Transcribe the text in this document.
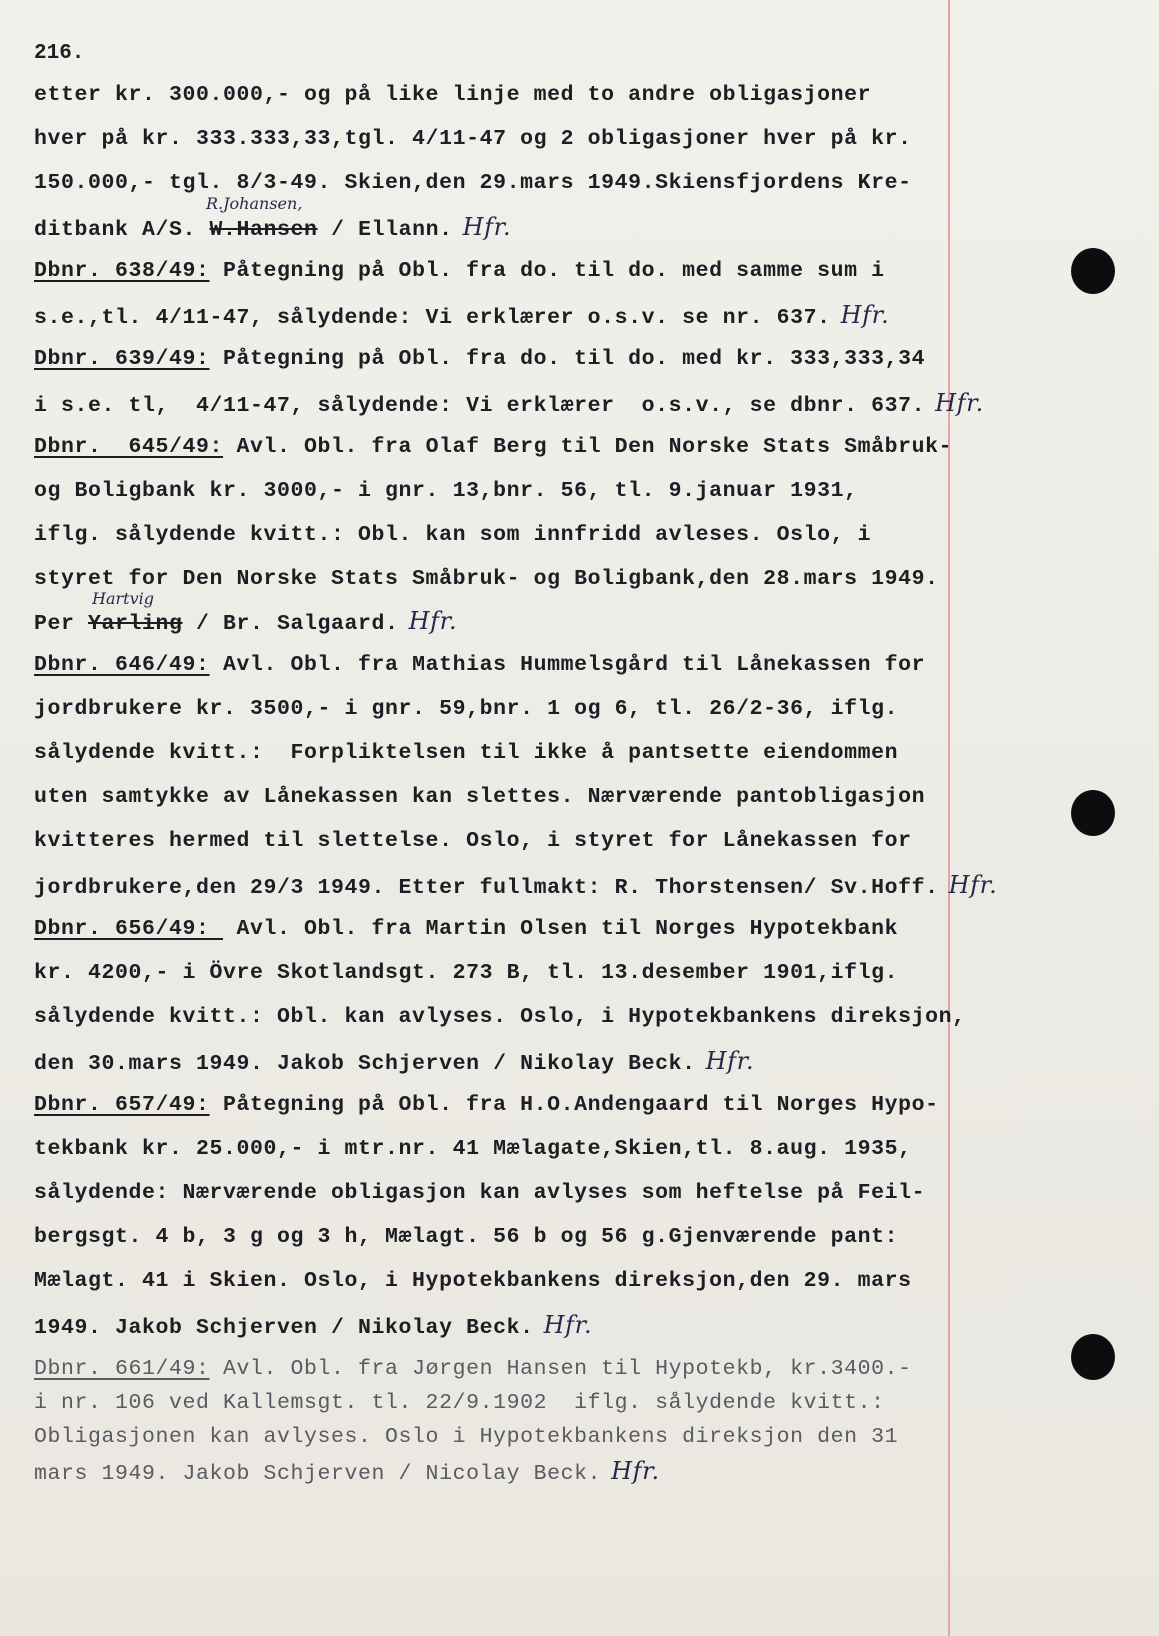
216.
etter kr. 300.000,- og på like linje med to andre obligasjoner
hver på kr. 333.333,33,tgl. 4/11-47 og 2 obligasjoner hver på kr.
150.000,- tgl. 8/3-49. Skien,den 29.mars 1949.Skiensfjordens Kre-
R.Johansen,
ditbank A/S. W.Hansen / Ellann. Hfr.
Dbnr. 638/49: Påtegning på Obl. fra do. til do. med samme sum i
s.e.,tl. 4/11-47, sålydende: Vi erklærer o.s.v. se nr. 637. Hfr.
Dbnr. 639/49: Påtegning på Obl. fra do. til do. med kr. 333,333,34
i s.e. tl,  4/11-47, sålydende: Vi erklærer  o.s.v., se dbnr. 637. Hfr.
Dbnr.  645/49: Avl. Obl. fra Olaf Berg til Den Norske Stats Småbruk-
og Boligbank kr. 3000,- i gnr. 13,bnr. 56, tl. 9.januar 1931,
iflg. sålydende kvitt.: Obl. kan som innfridd avleses. Oslo, i
styret for Den Norske Stats Småbruk- og Boligbank,den 28.mars 1949.
Hartvig
Per Yarling / Br. Salgaard. Hfr.
Dbnr. 646/49: Avl. Obl. fra Mathias Hummelsgård til Lånekassen for
jordbrukere kr. 3500,- i gnr. 59,bnr. 1 og 6, tl. 26/2-36, iflg.
sålydende kvitt.:  Forpliktelsen til ikke å pantsette eiendommen
uten samtykke av Lånekassen kan slettes. Nærværende pantobligasjon
kvitteres hermed til slettelse. Oslo, i styret for Lånekassen for
jordbrukere,den 29/3 1949. Etter fullmakt: R. Thorstensen/ Sv.Hoff. Hfr.
Dbnr. 656/49:  Avl. Obl. fra Martin Olsen til Norges Hypotekbank
kr. 4200,- i Övre Skotlandsgt. 273 B, tl. 13.desember 1901,iflg.
sålydende kvitt.: Obl. kan avlyses. Oslo, i Hypotekbankens direksjon,
den 30.mars 1949. Jakob Schjerven / Nikolay Beck. Hfr.
Dbnr. 657/49: Påtegning på Obl. fra H.O.Andengaard til Norges Hypo-
tekbank kr. 25.000,- i mtr.nr. 41 Mælagate,Skien,tl. 8.aug. 1935,
sålydende: Nærværende obligasjon kan avlyses som heftelse på Feil-
bergsgt. 4 b, 3 g og 3 h, Mælagt. 56 b og 56 g.Gjenværende pant:
Mælagt. 41 i Skien. Oslo, i Hypotekbankens direksjon,den 29. mars
1949. Jakob Schjerven / Nikolay Beck. Hfr.
Dbnr. 661/49: Avl. Obl. fra Jørgen Hansen til Hypotekb, kr.3400.-
i nr. 106 ved Kallemsgt. tl. 22/9.1902  iflg. sålydende kvitt.:
Obligasjonen kan avlyses. Oslo i Hypotekbankens direksjon den 31
mars 1949. Jakob Schjerven / Nicolay Beck. Hfr.
